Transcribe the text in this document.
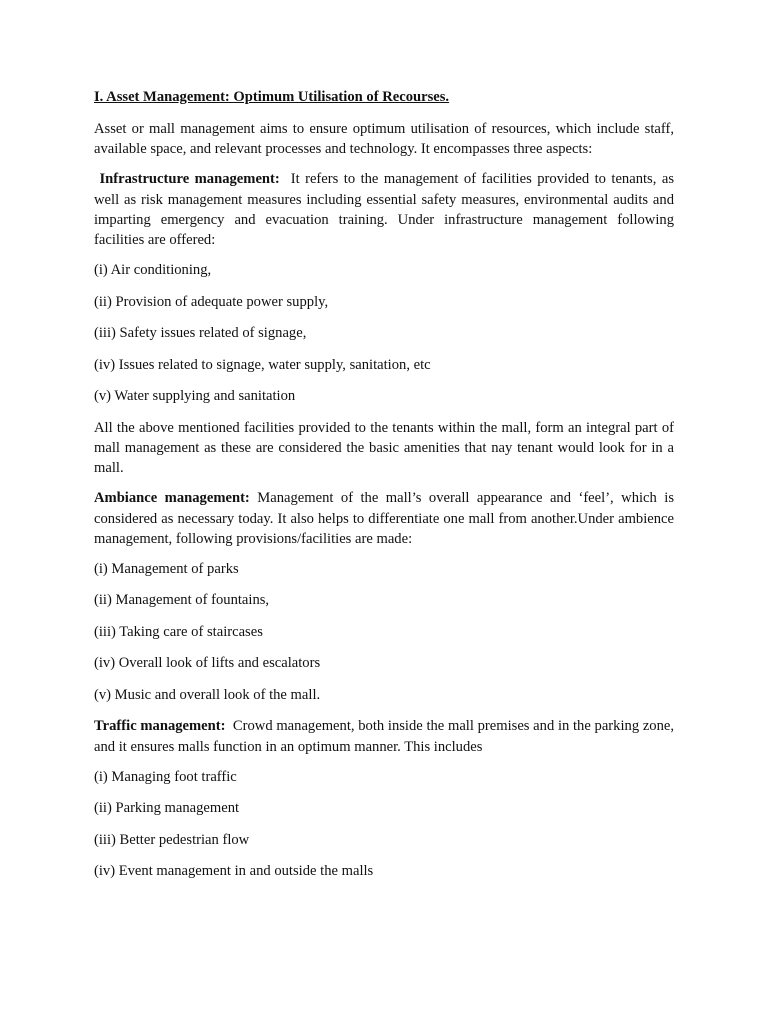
I. Asset Management: Optimum Utilisation of Recourses.

Asset or mall management aims to ensure optimum utilisation of resources, which include staff, available space, and relevant processes and technology. It encompasses three aspects:

Infrastructure management: It refers to the management of facilities provided to tenants, as well as risk management measures including essential safety measures, environmental audits and imparting emergency and evacuation training. Under infrastructure management following facilities are offered:

(i) Air conditioning,
(ii) Provision of adequate power supply,
(iii) Safety issues related of signage,
(iv) Issues related to signage, water supply, sanitation, etc
(v) Water supplying and sanitation

All the above mentioned facilities provided to the tenants within the mall, form an integral part of mall management as these are considered the basic amenities that nay tenant would look for in a mall.

Ambiance management: Management of the mall’s overall appearance and ‘feel’, which is considered as necessary today. It also helps to differentiate one mall from another.Under ambience management, following provisions/facilities are made:

(i) Management of parks
(ii) Management of fountains,
(iii) Taking care of staircases
(iv) Overall look of lifts and escalators
(v) Music and overall look of the mall.

Traffic management: Crowd management, both inside the mall premises and in the parking zone, and it ensures malls function in an optimum manner. This includes

(i) Managing foot traffic
(ii) Parking management
(iii) Better pedestrian flow
(iv) Event management in and outside the malls
